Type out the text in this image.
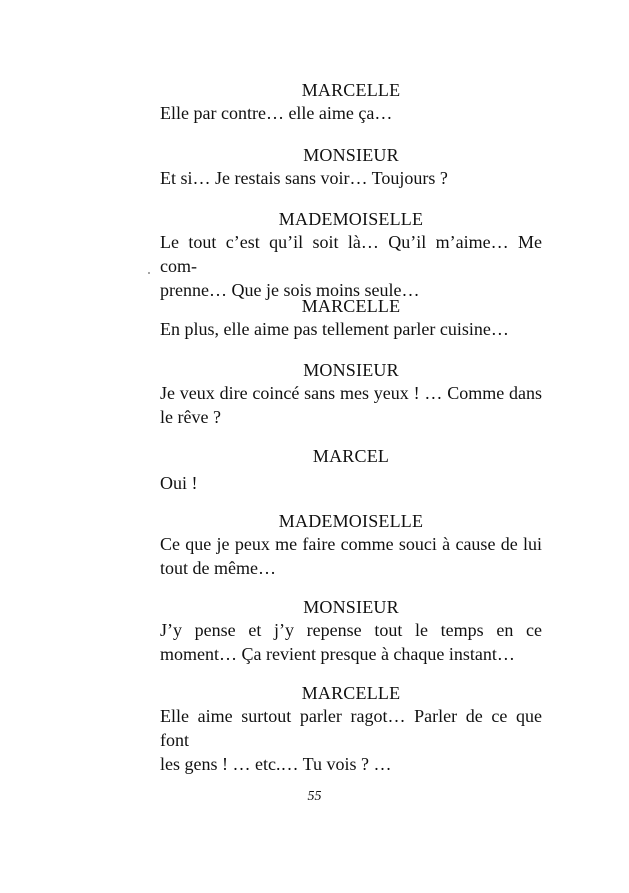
MARCELLE
Elle par contre… elle aime ça…
MONSIEUR
Et si… Je restais sans voir… Toujours ?
MADEMOISELLE
Le tout c’est qu’il soit là… Qu’il m’aime… Me com-
prenne… Que je sois moins seule…
MARCELLE
En plus, elle aime pas tellement parler cuisine…
MONSIEUR
Je veux dire coincé sans mes yeux ! … Comme dans
le rêve ?
MARCEL
Oui !
MADEMOISELLE
Ce que je peux me faire comme souci à cause de lui
tout de même…
MONSIEUR
J’y pense et j’y repense tout le temps en ce
moment… Ça revient presque à chaque instant…
MARCELLE
Elle aime surtout parler ragot… Parler de ce que font
les gens ! … etc.… Tu vois ? …
55
